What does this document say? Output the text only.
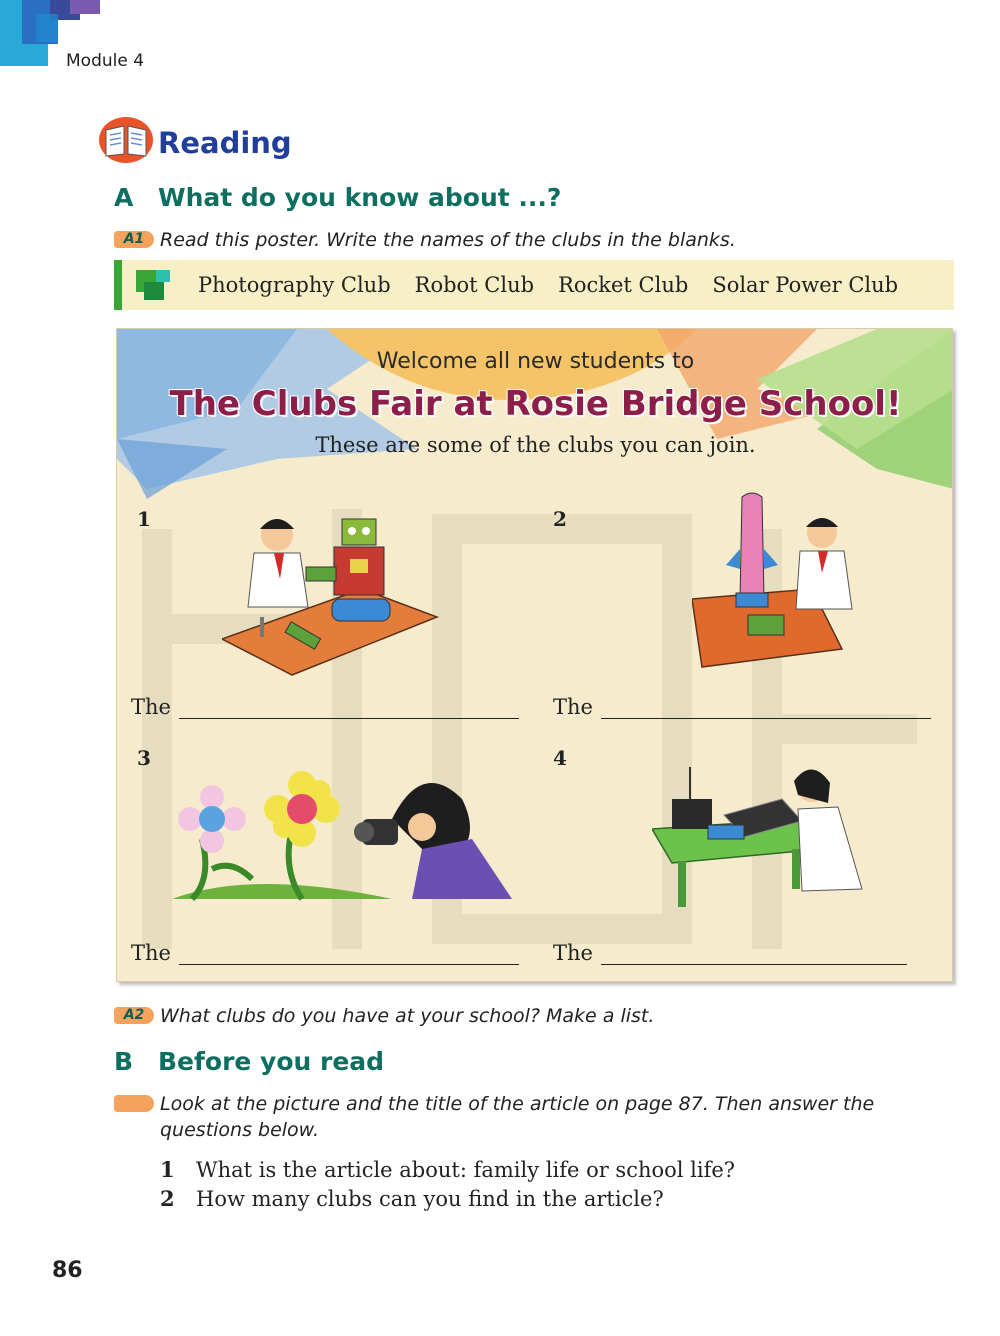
Module 4
Reading
A What do you know about ...?
A1 Read this poster. Write the names of the clubs in the blanks.
Photography Club Robot Club Rocket Club Solar Power Club
Welcome all new students to
The Clubs Fair at Rosie Bridge School!
These are some of the clubs you can join.
1
The
2
The
3
The
4
The
A2 What clubs do you have at your school? Make a list.
B Before you read
Look at the picture and the title of the article on page 87. Then answer the
questions below.
1 What is the article about: family life or school life?
2 How many clubs can you find in the article?
86
